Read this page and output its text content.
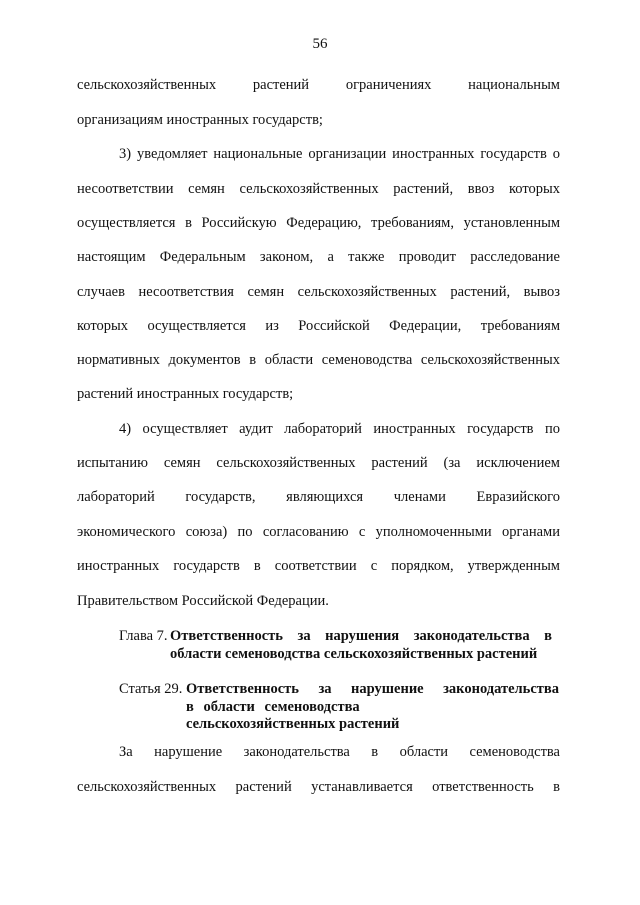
56
сельскохозяйственных растений ограничениях национальным
организациям иностранных государств;
3) уведомляет национальные организации иностранных государств о
несоответствии семян сельскохозяйственных растений, ввоз которых
осуществляется в Российскую Федерацию, требованиям, установленным
настоящим Федеральным законом, а также проводит расследование
случаев несоответствия семян сельскохозяйственных растений, вывоз
которых осуществляется из Российской Федерации, требованиям
нормативных документов в области семеноводства сельскохозяйственных
растений иностранных государств;
4) осуществляет аудит лабораторий иностранных государств по
испытанию семян сельскохозяйственных растений (за исключением
лабораторий государств, являющихся членами Евразийского
экономического союза) по согласованию с уполномоченными органами
иностранных государств в соответствии с порядком, утвержденным
Правительством Российской Федерации.
Глава 7. Ответственность за нарушения законодательства в
области семеноводства сельскохозяйственных растений
Статья 29. Ответственность за нарушение законодательства
в области семеноводства
сельскохозяйственных растений
За нарушение законодательства в области семеноводства
сельскохозяйственных растений устанавливается ответственность в
